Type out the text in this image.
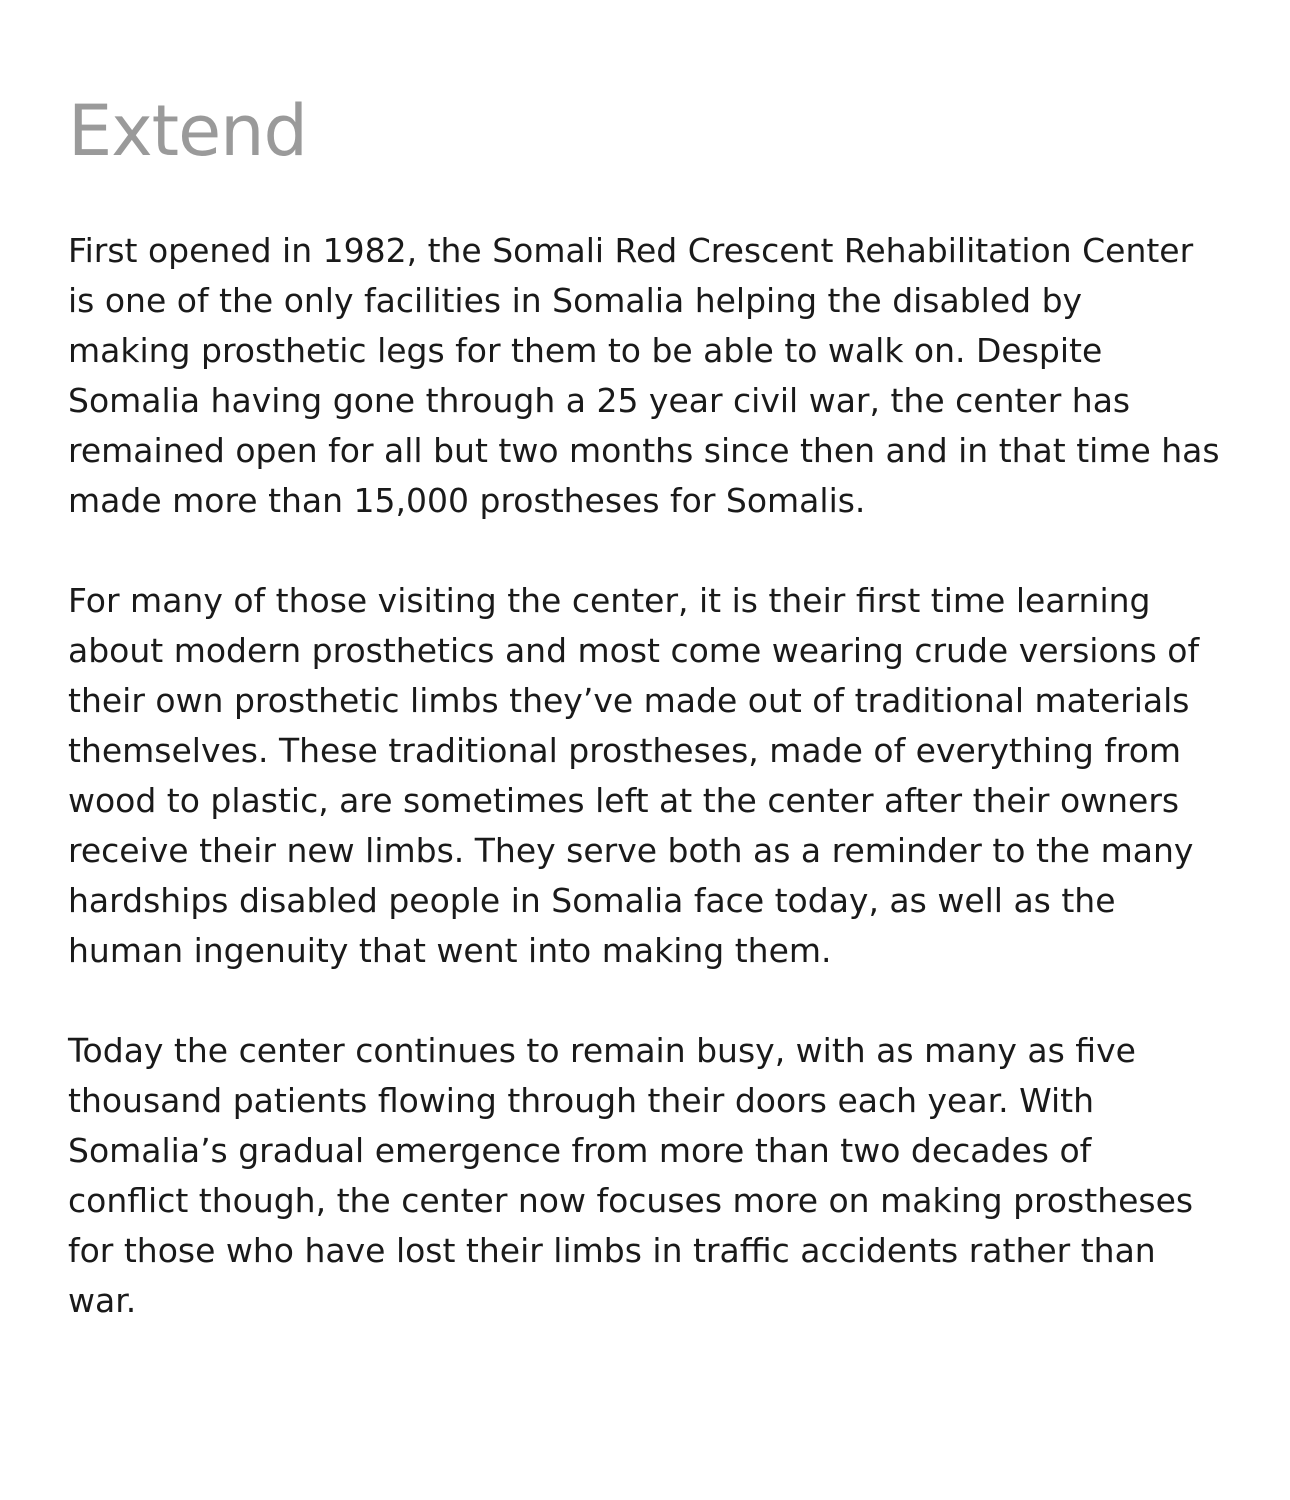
Extend

First opened in 1982, the Somali Red Crescent Rehabilitation Center
is one of the only facilities in Somalia helping the disabled by
making prosthetic legs for them to be able to walk on. Despite
Somalia having gone through a 25 year civil war, the center has
remained open for all but two months since then and in that time has
made more than 15,000 prostheses for Somalis.

For many of those visiting the center, it is their first time learning
about modern prosthetics and most come wearing crude versions of
their own prosthetic limbs they’ve made out of traditional materials
themselves. These traditional prostheses, made of everything from
wood to plastic, are sometimes left at the center after their owners
receive their new limbs. They serve both as a reminder to the many
hardships disabled people in Somalia face today, as well as the
human ingenuity that went into making them.

Today the center continues to remain busy, with as many as five
thousand patients flowing through their doors each year. With
Somalia’s gradual emergence from more than two decades of
conflict though, the center now focuses more on making prostheses
for those who have lost their limbs in traffic accidents rather than
war.
